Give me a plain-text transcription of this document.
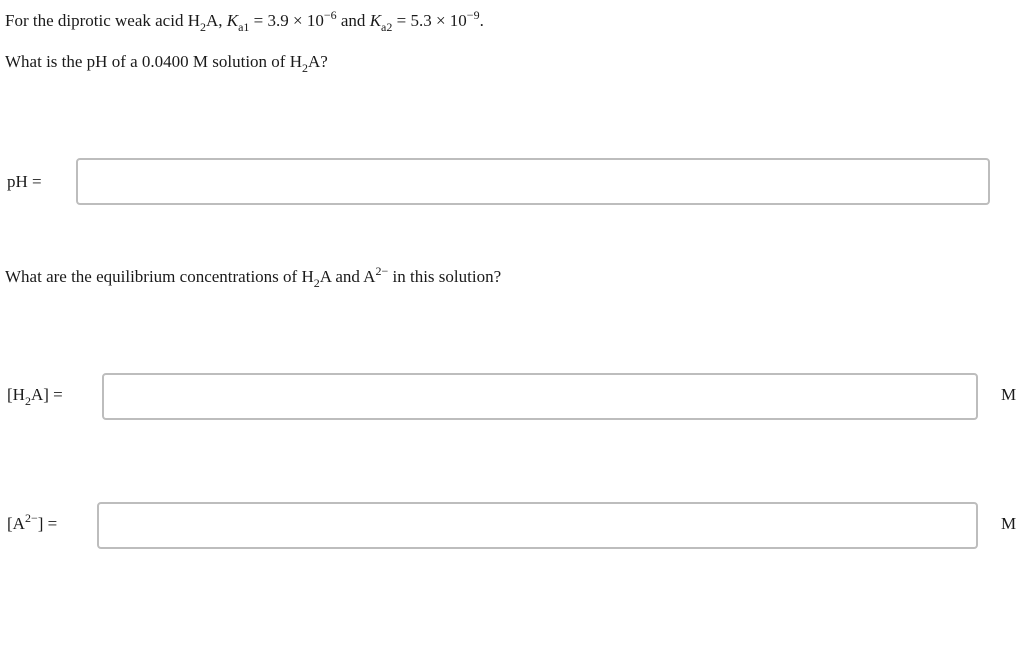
For the diprotic weak acid $H_2A$, $K_{a1} = 3.9 \times 10^{-6}$ and $K_{a2} = 5.3 \times 10^{-9}$.
What is the pH of a 0.0400 M solution of $H_2A$?
pH =
What are the equilibrium concentrations of $H_2A$ and $A^{2-}$ in this solution?
$[H_2A]$ =	M
$[A^{2-}]$ =	M
